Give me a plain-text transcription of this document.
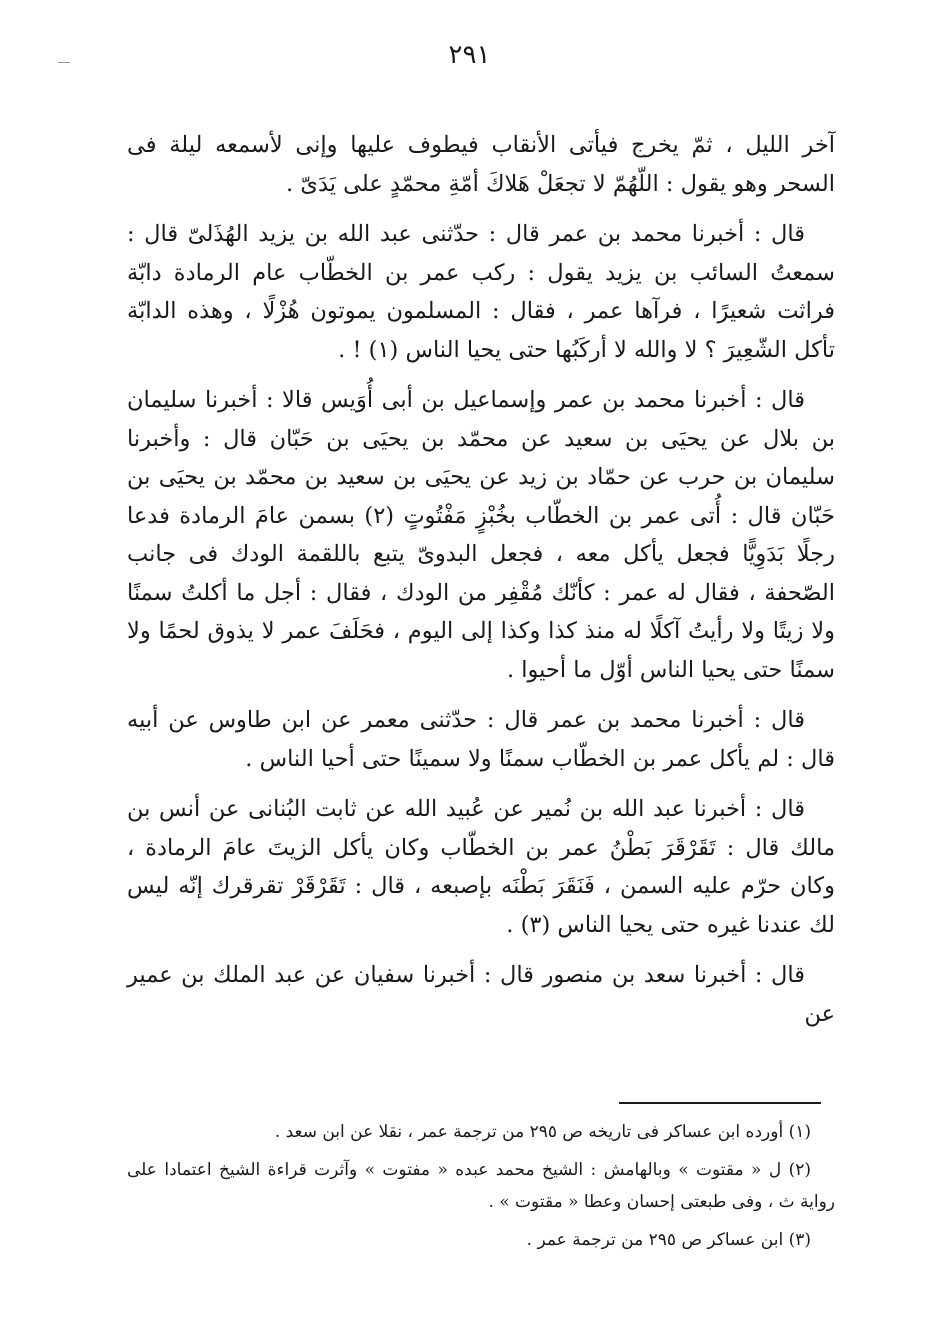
٢٩١

آخر الليل ، ثمّ يخرج فيأتى الأنقاب فيطوف عليها وإنى لأسمعه ليلة فى السحر وهو يقول : اللّهُمّ لا تجعَلْ هَلاكَ أمّةِ محمّدٍ على يَدَىّ .

قال : أخبرنا محمد بن عمر قال : حدّثنى عبد الله بن يزيد الهُذَلىّ قال : سمعتُ السائب بن يزيد يقول : ركب عمر بن الخطّاب عام الرمادة دابّة فراثت شعيرًا ، فرآها عمر ، فقال : المسلمون يموتون هُزْلًا ، وهذه الدابّة تأكل الشّعِيرَ ؟ لا والله لا أركَبُها حتى يحيا الناس (١) ! .

قال : أخبرنا محمد بن عمر وإسماعيل بن أبى أُوَيس قالا : أخبرنا سليمان بن بلال عن يحيَى بن سعيد عن محمّد بن يحيَى بن حَبّان قال : وأخبرنا سليمان بن حرب عن حمّاد بن زيد عن يحيَى بن سعيد بن محمّد بن يحيَى بن حَبّان قال : أُتى عمر بن الخطّاب بخُبْزٍ مَفْتُوتٍ (٢) بسمن عامَ الرمادة فدعا رجلًا بَدَوِيًّا فجعل يأكل معه ، فجعل البدوىّ يتبع باللقمة الودك فى جانب الصّحفة ، فقال له عمر : كأنّك مُقْفِر من الودك ، فقال : أجل ما أكلتُ سمنًا ولا زيتًا ولا رأيتُ آكلًا له منذ كذا وكذا إلى اليوم ، فحَلَفَ عمر لا يذوق لحمًا ولا سمنًا حتى يحيا الناس أوّل ما أحيوا .

قال : أخبرنا محمد بن عمر قال : حدّثنى معمر عن ابن طاوس عن أبيه قال : لم يأكل عمر بن الخطّاب سمنًا ولا سمينًا حتى أحيا الناس .

قال : أخبرنا عبد الله بن نُمير عن عُبيد الله عن ثابت البُنانى عن أنس بن مالك قال : تَقَرْقَرَ بَطْنُ عمر بن الخطّاب وكان يأكل الزيتَ عامَ الرمادة ، وكان حرّم عليه السمن ، فَنَقَرَ بَطْنَه بإصبعه ، قال : تَقَرْقَرْ تقرقرك إنّه ليس لك عندنا غيره حتى يحيا الناس (٣) .

قال : أخبرنا سعد بن منصور قال : أخبرنا سفيان عن عبد الملك بن عمير عن

(١) أورده ابن عساكر فى تاريخه ص ٢٩٥ من ترجمة عمر ، نقلا عن ابن سعد .

(٢) ل « مقتوت » وبالهامش : الشيخ محمد عبده « مفتوت » وآثرت قراءة الشيخ اعتمادا على رواية ث ، وفى طبعتى إحسان وعطا « مقتوت » .

(٣) ابن عساكر ص ٢٩٥ من ترجمة عمر .
